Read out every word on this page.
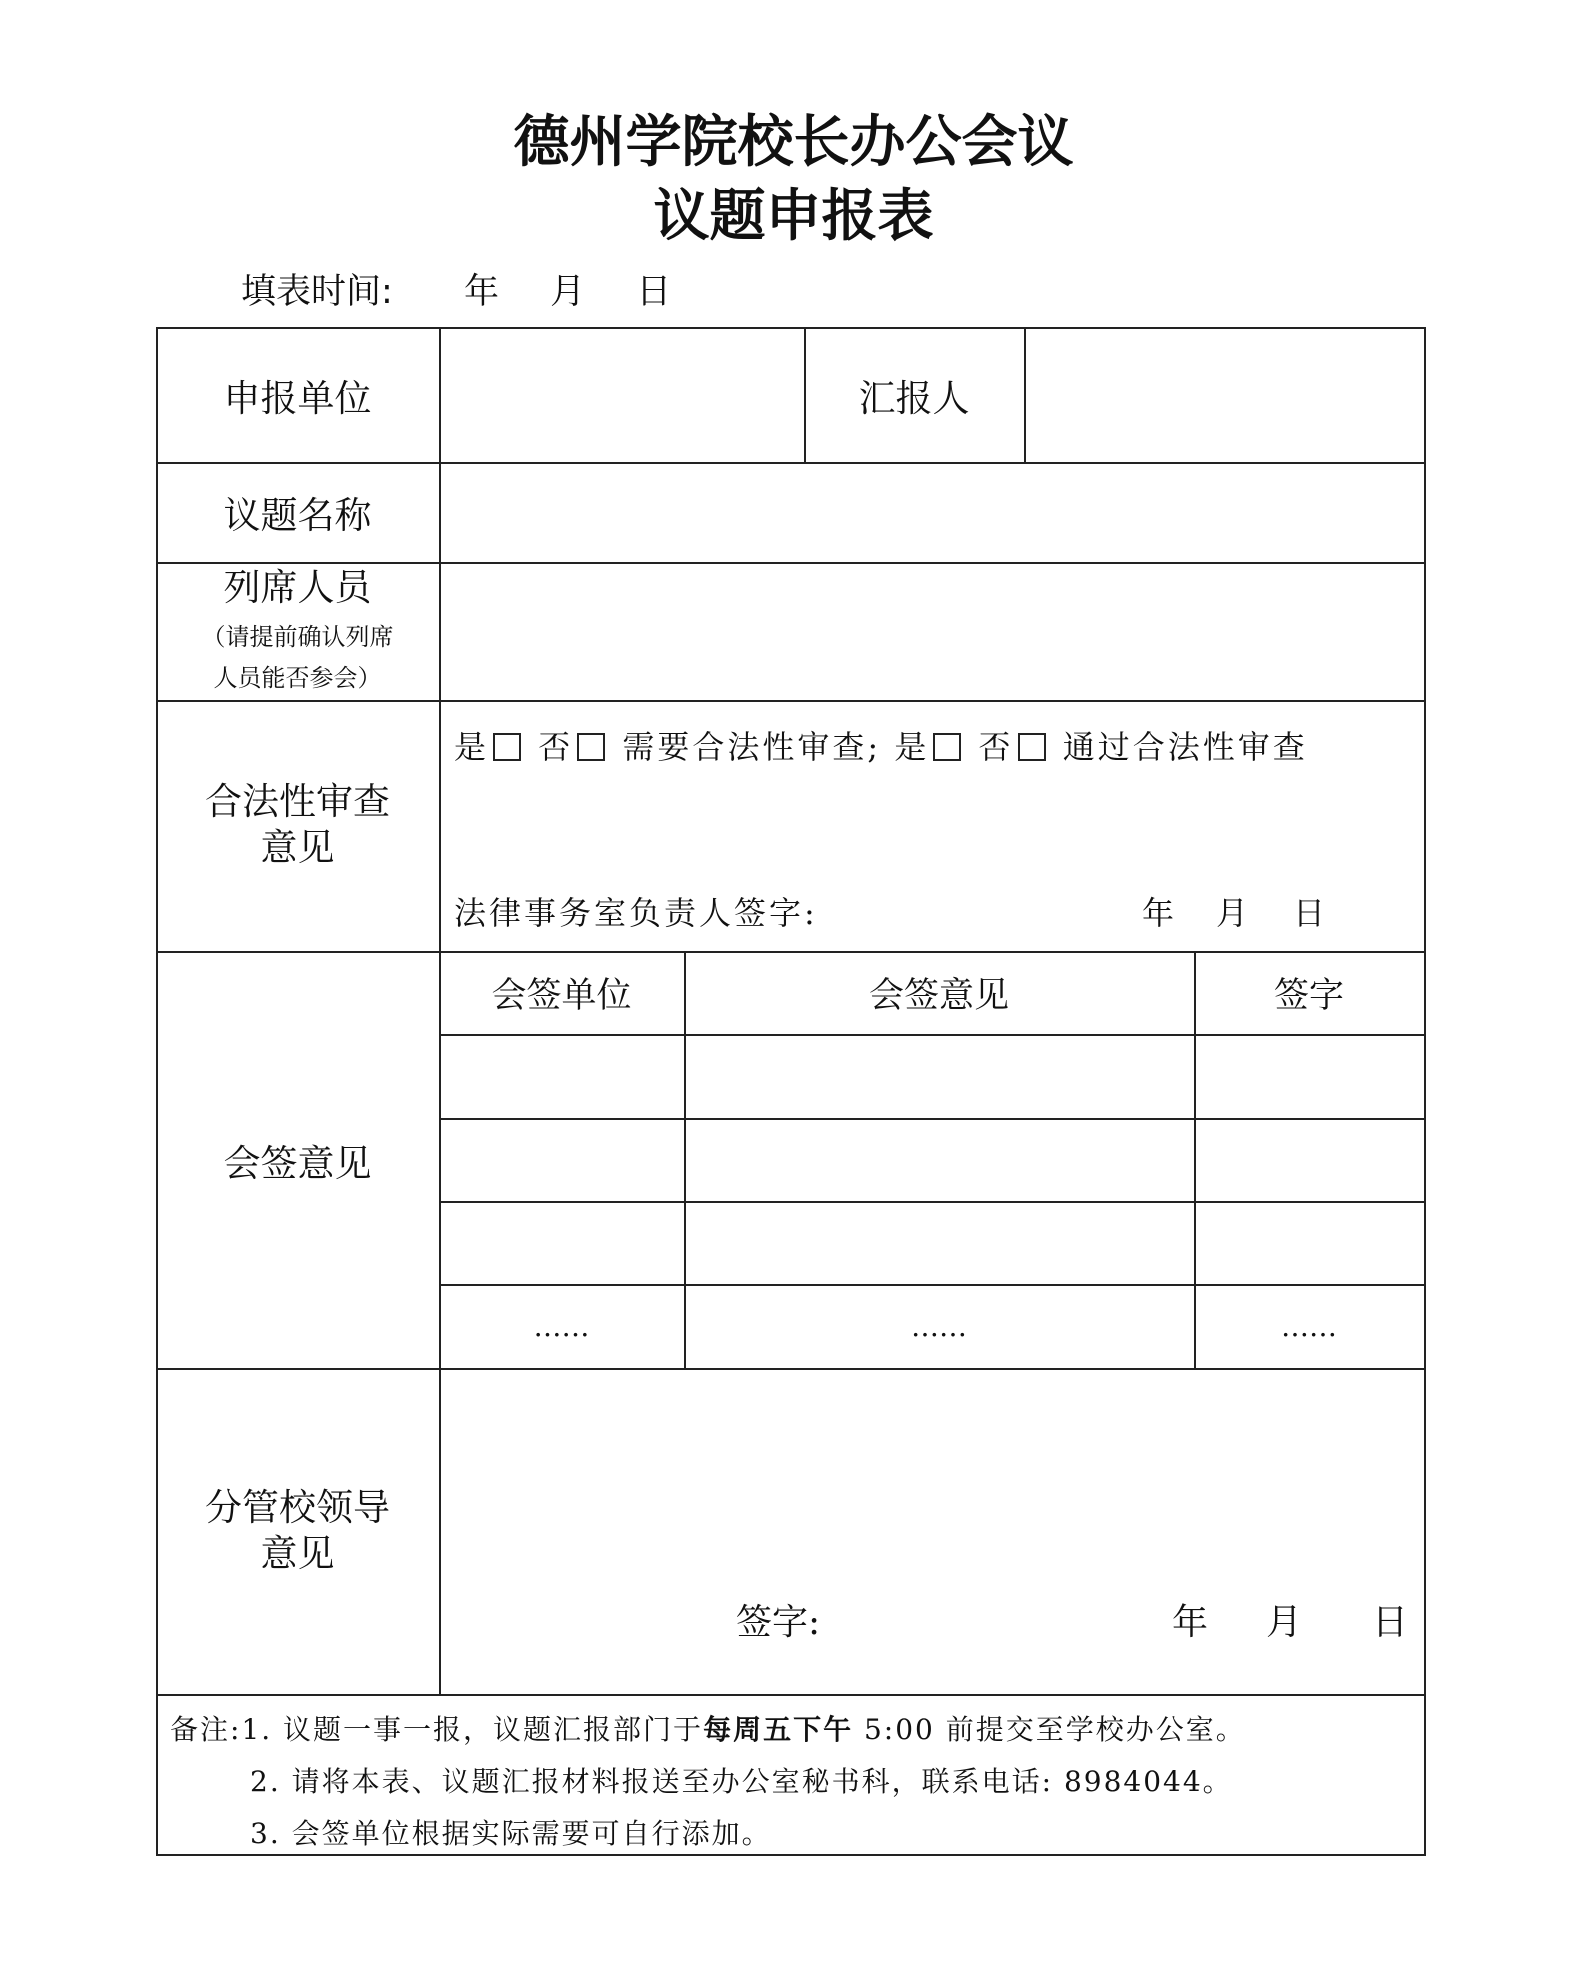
德州学院校长办公会议
议题申报表
填表时间: 年 月 日
申报单位	汇报人
议题名称
列席人员
（请提前确认列席
人员能否参会）
合法性审查
意见
是 否 需要合法性审查; 是 否 通过合法性审查
法律事务室负责人签字:	年 月 日
会签意见
会签单位	会签意见	签字
……	……	……
分管校领导
意见
签字:	年 月 日
备注:1. 议题一事一报，议题汇报部门于每周五下午 5:00 前提交至学校办公室。
2. 请将本表、议题汇报材料报送至办公室秘书科，联系电话: 8984044。
3. 会签单位根据实际需要可自行添加。
